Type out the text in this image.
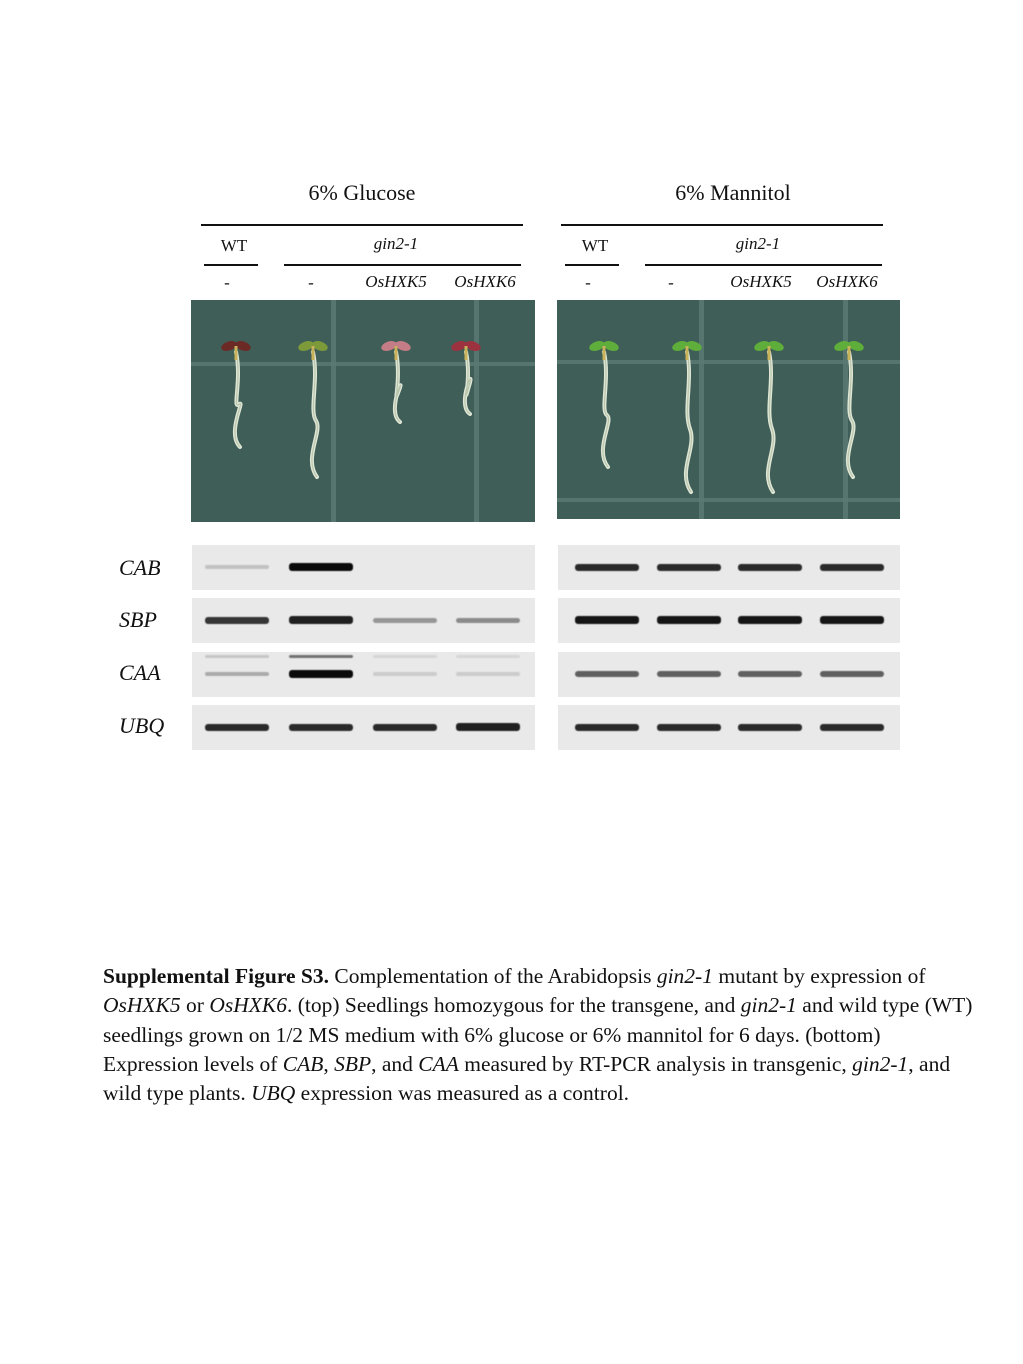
6% Glucose	6% Mannitol
WT	gin2-1	WT	gin2-1
-	-	OsHXK5	OsHXK6	-	-	OsHXK5	OsHXK6
CAB
SBP
CAA
UBQ
Supplemental Figure S3. Complementation of the Arabidopsis gin2-1 mutant by expression of OsHXK5 or OsHXK6. (top) Seedlings homozygous for the transgene, and gin2-1 and wild type (WT) seedlings grown on 1/2 MS medium with 6% glucose or 6% mannitol for 6 days. (bottom) Expression levels of CAB, SBP, and CAA measured by RT-PCR analysis in transgenic, gin2-1, and wild type plants. UBQ expression was measured as a control.
